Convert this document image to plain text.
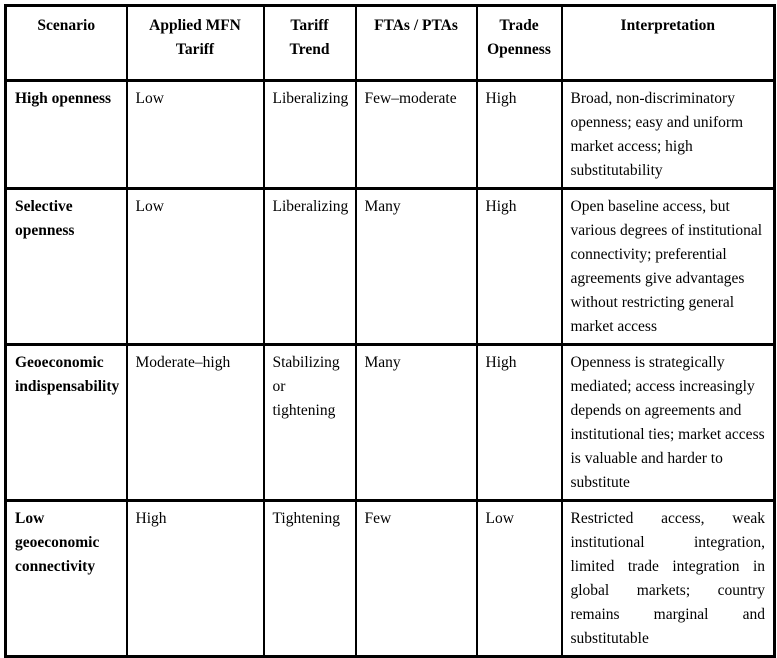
Scenario	Applied MFN Tariff	Tariff Trend	FTAs / PTAs	Trade Openness	Interpretation
High openness	Low	Liberalizing	Few–moderate	High	Broad, non-discriminatory openness; easy and uniform market access; high substitutability
Selective openness	Low	Liberalizing	Many	High	Open baseline access, but various degrees of institutional connectivity; preferential agreements give advantages without restricting general market access
Geoeconomic indispensability	Moderate–high	Stabilizing or tightening	Many	High	Openness is strategically mediated; access increasingly depends on agreements and institutional ties; market access is valuable and harder to substitute
Low geoeconomic connectivity	High	Tightening	Few	Low	Restricted access, weak institutional integration, limited trade integration in global markets; country remains marginal and substitutable
